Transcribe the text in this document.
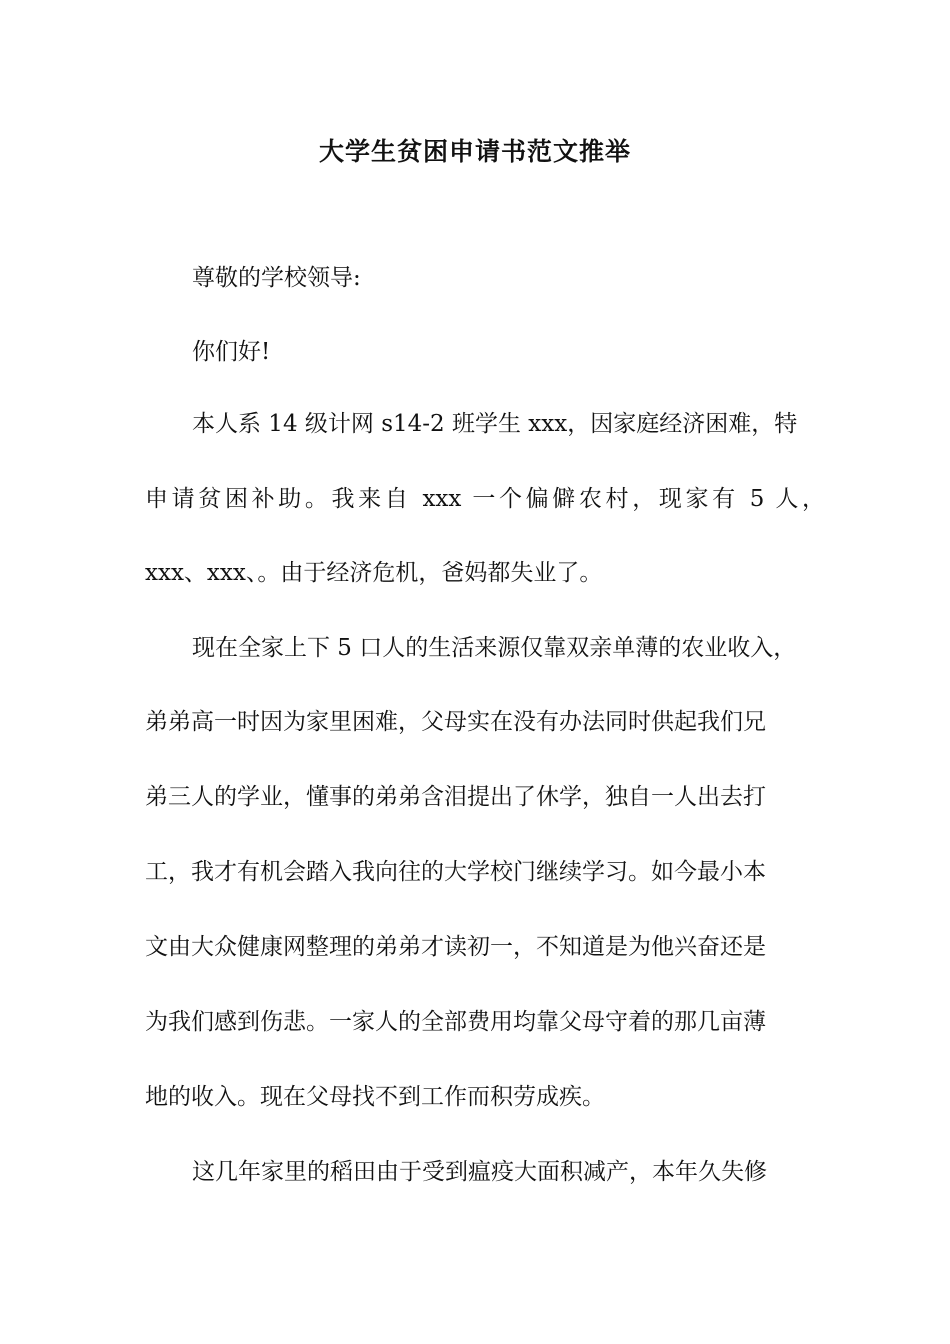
大学生贫困申请书范文推举
尊敬的学校领导:
你们好!
本人系 14 级计网 s14-2 班学生 xxx，因家庭经济困难，特
申请贫困补助。我来自 xxx 一个偏僻农村，现家有 5 人，
xxx、xxx、。由于经济危机，爸妈都失业了。
现在全家上下 5 口人的生活来源仅靠双亲单薄的农业收入，
弟弟高一时因为家里困难，父母实在没有办法同时供起我们兄
弟三人的学业，懂事的弟弟含泪提出了休学，独自一人出去打
工，我才有机会踏入我向往的大学校门继续学习。如今最小本
文由大众健康网整理的弟弟才读初一，不知道是为他兴奋还是
为我们感到伤悲。一家人的全部费用均靠父母守着的那几亩薄
地的收入。现在父母找不到工作而积劳成疾。
这几年家里的稻田由于受到瘟疫大面积减产，本年久失修
